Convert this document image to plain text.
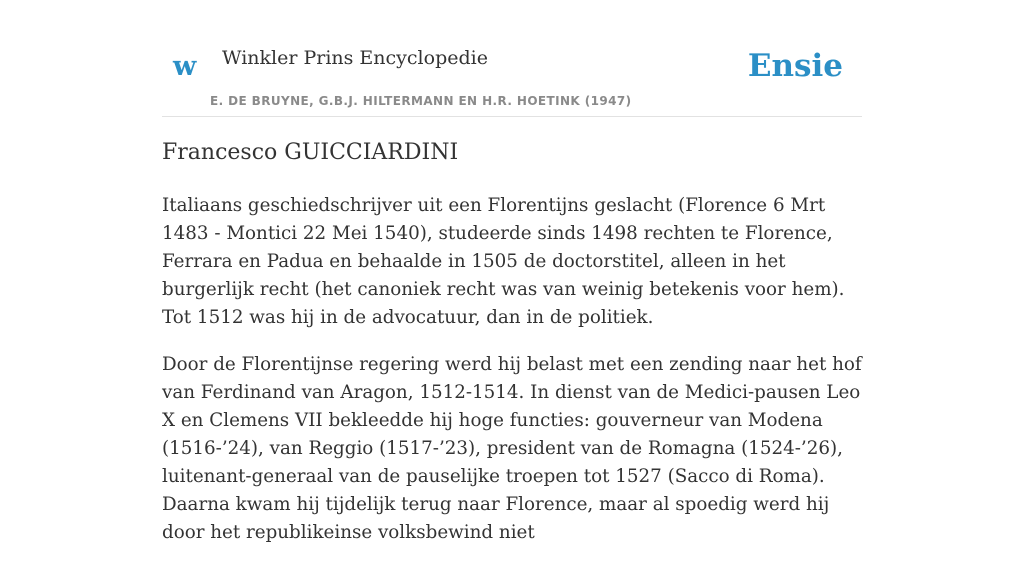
w Winkler Prins Encyclopedie
E. DE BRUYNE, G.B.J. HILTERMANN EN H.R. HOETINK (1947)
Ensie
Francesco GUICCIARDINI

Italiaans geschiedschrijver uit een Florentijns geslacht (Florence 6 Mrt 1483 - Montici 22 Mei 1540), studeerde sinds 1498 rechten te Florence, Ferrara en Padua en behaalde in 1505 de doctorstitel, alleen in het burgerlijk recht (het canoniek recht was van weinig betekenis voor hem). Tot 1512 was hij in de advocatuur, dan in de politiek.

Door de Florentijnse regering werd hij belast met een zending naar het hof van Ferdinand van Aragon, 1512-1514. In dienst van de Medici-pausen Leo X en Clemens VII bekleedde hij hoge functies: gouverneur van Modena (1516-’24), van Reggio (1517-’23), president van de Romagna (1524-’26), luitenant-generaal van de pauselijke troepen tot 1527 (Sacco di Roma). Daarna kwam hij tijdelijk terug naar Florence, maar al spoedig werd hij door het republikeinse volksbewind niet
